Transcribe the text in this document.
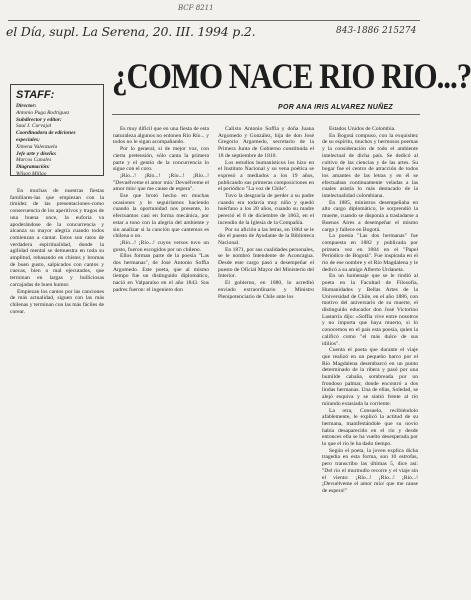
el Día, supl. La Serena, 20. III. 1994 p.2.
BCF 8211
843-1886 215274
STAFF:
Director:
Antonio Puga Rodríguez
Subdirector y editor:
Saul J. Carvajal
Coordinadora de ediciones especiales:
Ximena Valenzuela
Jefe arte y diseño:
Marcos Canales
Diagramación:
Wilson Millao
¿COMO NACE RIO RIO...?
POR ANA IRIS ALVAREZ NUÑEZ

En muchas de nuestras fiestas familiares-las que empiezan con la timidez de las presentaciones-como consecuencia de los aperitivos y tragos de una buena once, la euforia va apoderándose de la concurrencia y alcanza su mayor alegría cuando todos comienzan a cantar. Estos son ratos de verdadera espiritualidad, donde la agilidad mental se demuestra en toda su amplitud, rebasando en chistes y bromas de buen gusto, salpicados con cantos y cuecas, bien o mal ejecutados, que terminan en largas y bulliciosas carcajadas de buen humor.

Empiezan los cantos por las canciones de más actualidad, siguen con las más chilenas y terminan con las más fáciles de corear.

Es muy difícil que en una fiesta de esta naturaleza algunos no entonen Río Río... y todos no le sigan acompañando.

Por lo general, si de mejor voz, con cierta pretensión, sólo canta la primera parte y el gentío de la concurrencia lo sigue con el coro.

¡Río...! ¡Río...! ¡Río...! ¡Río...! "Devuélveme el amor mío/ Devuélveme el amor mío/ que me cause de espera".

Ese que brotó hecho en muchas ocasiones y le seguiríamos haciendo cuando la oportunidad nos presente, lo efectuamos casi en forma mecánica, por estar a tono con la alegría del ambiente y sin analizar si la canción que cantemos es chilena o no.

¡Río...! ¡Río...! cuyos versos tuvo un gusto, fueron escogidos por un chileno.

Ellos forman parte de la poesía "Las dos hermanas", de José Antonio Soffia Argomedo. Este poeta, que al mismo tiempo fue un distinguido diplomático, nació en Valparaíso en el año 1843. Sus padres fueron: el ingeniero don

Calixto Antonio Soffia y doña Juana Argomedo y González, hija de don José Gregorio Argomedo, secretario de la Primera Junta de Gobierno constituida el 18 de septiembre de 1810.

Los estudios humanísticos los hizo en el Instituto Nacional y su vena poética se expresó a mediados a los 19 años, publicando sus primeras composiciones en el periódico "La voz de Chile".

Tuvo la desgracia de perder a su padre cuando era todavía muy niño y quedó huérfano a los 20 años, cuando su madre pereció el 8 de diciembre de 1863, en el incendio de la Iglesia de la Compañía.

Por su afición a las letras, en 1864 se le dio el puesto de Ayudante de la Biblioteca Nacional.

En 1871, por sus cualidades personales, se le nombró Intendente de Aconcagua. Desde este cargo pasó a desempeñar el puesto de Oficial Mayor del Ministerio del Interior.

El gobierno, en 1880, lo acreditó enviado extraordinario y Ministro Plenipotenciario de Chile ante los

Estados Unidos de Colombia.

En Bogotá compuso, con la exquisitez de su espíritu, muchos y hermosos poemas y la consideración de todo el ambiente intelectual de dicha país. Se dedicó al cultivo de las ciencias y de las artes. Su bogar fue el centro de atracción de todos los amantes de las letras y en él se efectuaban continuamente veladas a las cuales asistía lo más destacado de la intelectualidad colombiana.

En 1885, ministros desempeñaba en alto cargo diplomático, le sorprendió la muerte, cuando se disponía a trasladarse a Buenos Aires a desempeñar el mismo cargo y fallece en Bogotá.

La poesía "Las dos hermanas" fue compuesta en 1882 y publicada por primera vez en 1884 en el "Papel Periódico de Bogotá". Fue inspirada en el río de ese nombre y el Río Magdalena y le dedicó a su amigo Alberto Urdaneta.

En un homenaje que se le rindió al poeta en la Facultad de Filosofía, Humanidades y Bellas Artes de la Universidad de Chile, en el año 1886, con motivo del aniversario de su muerte, el distinguido educador don José Victorino Lastarria dijo: «Soffia vive entre nosotros y no importa que haya muerto, si lo conocemos en el país esta poesía, quien la calificó como "el más dulce de sus idilios".

Cuenta el poeta que durante el viaje que realizó en un pequeño barco por el Río Magdalena desembarcó en un punto determinado de la ribera y pasó por una humilde cabaña, sombreada por un frondoso palmar, donde encontró a dos lindas hermanas. Una de ellas, Soledad, se alejó esquiva y se sintió frente al río mirando extasiada la corriente.

La otra, Consuelo, recibiéndolo afablemente, le explicó la actitud de su hermana, manifestándole que su novio había desaparecido en el río y desde entonces ella se ha vuelto desesperada por lo que el río le ha dado tiempo.

Según el poeta, la joven explica dicha tragedia en esta forma, son 10 estrofas, pero transcribo las últimas 5, dice así: "Del río el murmullo recorre y el viaje sin el viento: ¡Río...! ¡Río...! ¡Río...! ¡Devuélveme el amor mío/ que me cause de espera!"
